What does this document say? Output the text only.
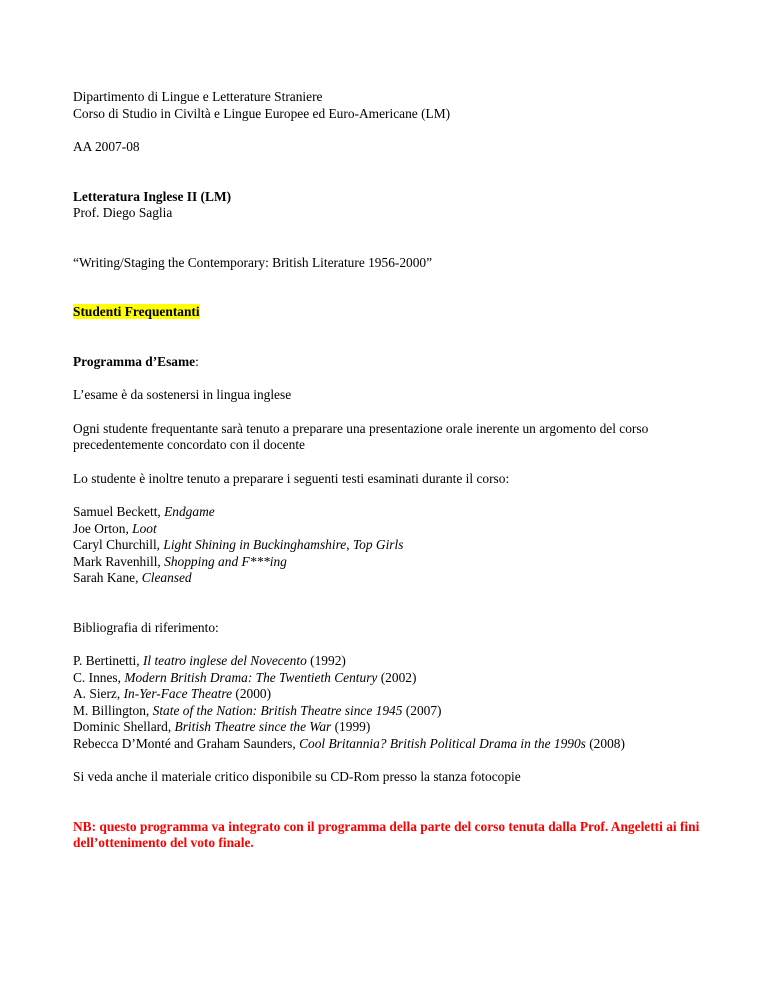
Dipartimento di Lingue e Letterature Straniere

Corso di Studio in Civiltà e Lingue Europee ed Euro-Americane (LM)

AA 2007-08

Letteratura Inglese II (LM)

Prof. Diego Saglia

“Writing/Staging the Contemporary: British Literature 1956-2000”

Studenti Frequentanti

Programma d’Esame:

L’esame è da sostenersi in lingua inglese

Ogni studente frequentante sarà tenuto a preparare una presentazione orale inerente un argomento del corso precedentemente concordato con il docente

Lo studente è inoltre tenuto a preparare i seguenti testi esaminati durante il corso:

Samuel Beckett, Endgame

Joe Orton, Loot

Caryl Churchill, Light Shining in Buckinghamshire, Top Girls

Mark Ravenhill, Shopping and F***ing

Sarah Kane, Cleansed

Bibliografia di riferimento:

P. Bertinetti, Il teatro inglese del Novecento (1992)

C. Innes, Modern British Drama: The Twentieth Century (2002)

A. Sierz, In-Yer-Face Theatre (2000)

M. Billington, State of the Nation: British Theatre since 1945 (2007)

Dominic Shellard, British Theatre since the War (1999)

Rebecca D’Monté and Graham Saunders, Cool Britannia? British Political Drama in the 1990s (2008)

Si veda anche il materiale critico disponibile su CD-Rom presso la stanza fotocopie

NB: questo programma va integrato con il programma della parte del corso tenuta dalla Prof. Angeletti ai fini dell’ottenimento del voto finale.
